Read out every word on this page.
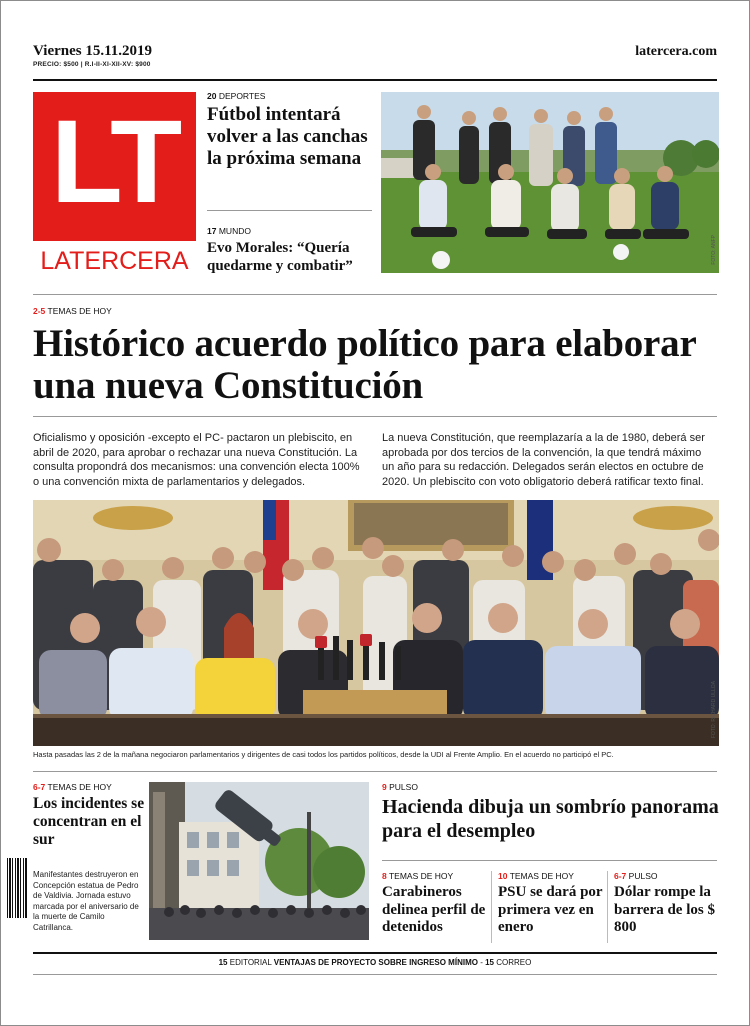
Viernes 15.11.2019
PRECIO: $500 | R.I-II-XI-XII-XV: $900
latercera.com
LT
LATERCERA
20 DEPORTES
Fútbol intentará volver a las canchas la próxima semana
17 MUNDO
Evo Morales: “Quería quedarme y combatir”
FOTO: ANFP
2-5 TEMAS DE HOY
Histórico acuerdo político para elaborar una nueva Constitución

Oficialismo y oposición -excepto el PC- pactaron un plebiscito, en abril de 2020, para aprobar o rechazar una nueva Constitución. La consulta propondrá dos mecanismos: una convención electa 100% o una convención mixta de parlamentarios y delegados.

La nueva Constitución, que reemplazaría a la de 1980, deberá ser aprobada por dos tercios de la convención, la que tendrá máximo un año para su redacción. Delegados serán electos en octubre de 2020. Un plebiscito con voto obligatorio deberá ratificar texto final.

FOTO: RICHARD ULLOA

Hasta pasadas las 2 de la mañana negociaron parlamentarios y dirigentes de casi todos los partidos políticos, desde la UDI al Frente Amplio. En el acuerdo no participó el PC.

6-7 TEMAS DE HOY
Los incidentes se concentran en el sur

Manifestantes destruyeron en Concepción estatua de Pedro de Valdivia. Jornada estuvo marcada por el aniversario de la muerte de Camilo Catrillanca.

9 PULSO
Hacienda dibuja un sombrío panorama para el desempleo
8 TEMAS DE HOY
Carabineros delinea perfil de detenidos
10 TEMAS DE HOY
PSU se dará por primera vez en enero
6-7 PULSO
Dólar rompe la barrera de los $ 800
15 EDITORIAL VENTAJAS DE PROYECTO SOBRE INGRESO MÍNIMO - 15 CORREO
